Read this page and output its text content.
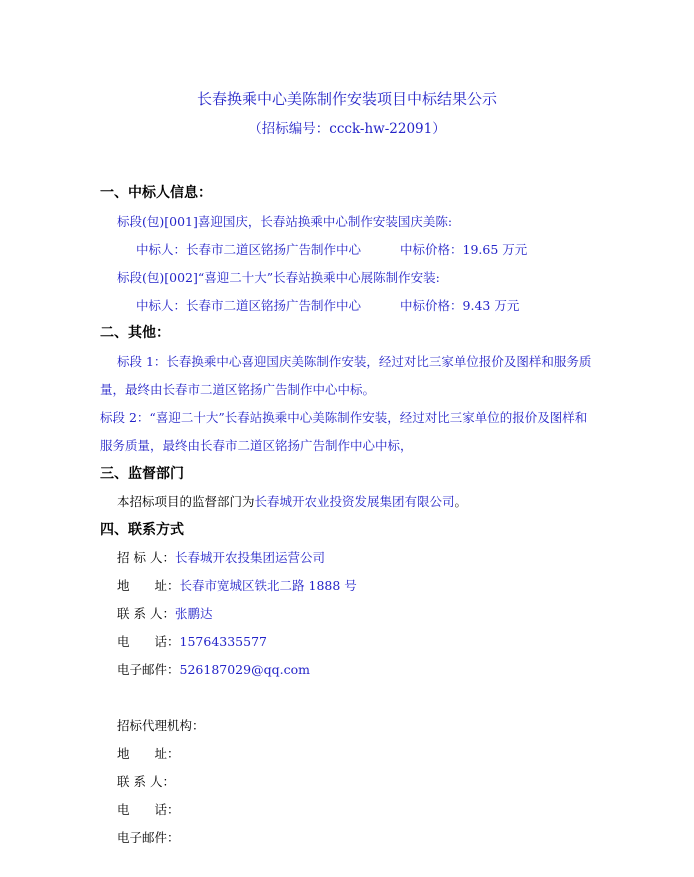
长春换乘中心美陈制作安装项目中标结果公示
（招标编号：ccck-hw-22091）
一、中标人信息：
标段(包)[001]喜迎国庆，长春站换乘中心制作安装国庆美陈:
中标人：长春市二道区铭扬广告制作中心	中标价格：19.65 万元
标段(包)[002]“喜迎二十大”长春站换乘中心展陈制作安装:
中标人：长春市二道区铭扬广告制作中心	中标价格：9.43 万元
二、其他：
标段 1：长春换乘中心喜迎国庆美陈制作安装，经过对比三家单位报价及图样和服务质
量，最终由长春市二道区铭扬广告制作中心中标。
标段 2：“喜迎二十大”长春站换乘中心美陈制作安装，经过对比三家单位的报价及图样和
服务质量，最终由长春市二道区铭扬广告制作中心中标，
三、监督部门
本招标项目的监督部门为长春城开农业投资发展集团有限公司。
四、联系方式
招 标 人：长春城开农投集团运营公司
地　　址：长春市宽城区铁北二路 1888 号
联 系 人：张鹏达
电　　话：15764335577
电子邮件：526187029@qq.com
招标代理机构：
地　　址：
联 系 人：
电　　话：
电子邮件：
